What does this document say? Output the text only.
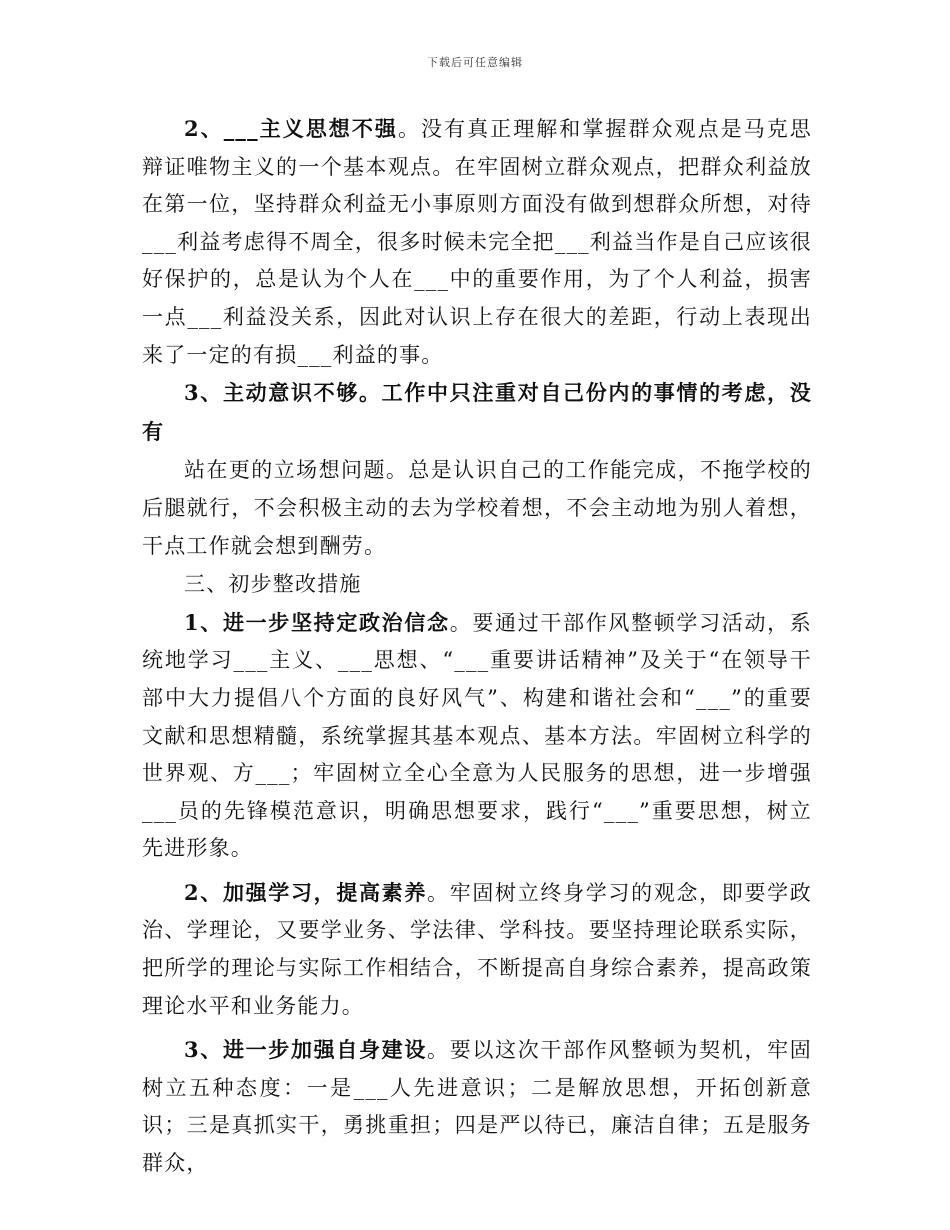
下载后可任意编辑

2、___主义思想不强。没有真正理解和掌握群众观点是马克思辩证唯物主义的一个基本观点。在牢固树立群众观点，把群众利益放在第一位，坚持群众利益无小事原则方面没有做到想群众所想，对待___利益考虑得不周全，很多时候未完全把___利益当作是自己应该很好保护的，总是认为个人在___中的重要作用，为了个人利益，损害一点___利益没关系，因此对认识上存在很大的差距，行动上表现出来了一定的有损___利益的事。

3、主动意识不够。工作中只注重对自己份内的事情的考虑，没有

站在更的立场想问题。总是认识自己的工作能完成，不拖学校的后腿就行，不会积极主动的去为学校着想，不会主动地为别人着想，干点工作就会想到酬劳。

三、初步整改措施

1、进一步坚持定政治信念。要通过干部作风整顿学习活动，系统地学习___主义、___思想、“___重要讲话精神”及关于“在领导干部中大力提倡八个方面的良好风气”、构建和谐社会和“___”的重要文献和思想精髓，系统掌握其基本观点、基本方法。牢固树立科学的世界观、方___；牢固树立全心全意为人民服务的思想，进一步增强___员的先锋模范意识，明确思想要求，践行“___”重要思想，树立先进形象。

2、加强学习，提高素养。牢固树立终身学习的观念，即要学政治、学理论，又要学业务、学法律、学科技。要坚持理论联系实际，把所学的理论与实际工作相结合，不断提高自身综合素养，提高政策理论水平和业务能力。

3、进一步加强自身建设。要以这次干部作风整顿为契机，牢固树立五种态度：一是___人先进意识；二是解放思想，开拓创新意识；三是真抓实干，勇挑重担；四是严以待已，廉洁自律；五是服务群众，
